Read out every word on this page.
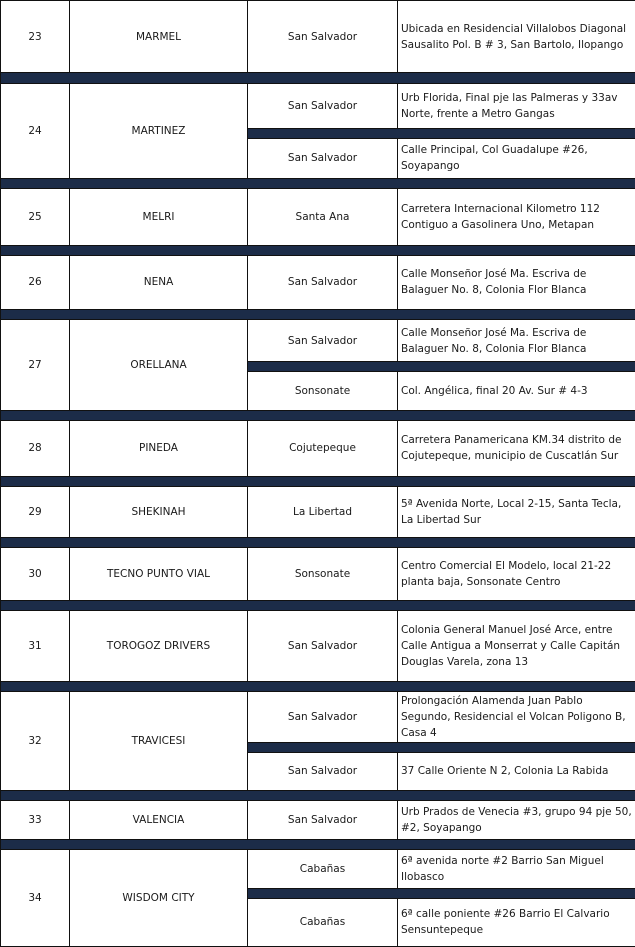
23	MARMEL	San Salvador	Ubicada en Residencial Villalobos Diagonal Sausalito Pol. B # 3, San Bartolo, Ilopango

24	MARTINEZ	San Salvador	Urb Florida, Final pje las Palmeras y 33av Norte, frente a Metro Gangas

		San Salvador	Calle Principal, Col Guadalupe #26, Soyapango

25	MELRI	Santa Ana	Carretera Internacional Kilometro 112 Contiguo a Gasolinera Uno, Metapan

26	NENA	San Salvador	Calle Monseñor José Ma. Escriva de Balaguer No. 8, Colonia Flor Blanca

27	ORELLANA	San Salvador	Calle Monseñor José Ma. Escriva de Balaguer No. 8, Colonia Flor Blanca

		Sonsonate	Col. Angélica, final 20 Av. Sur # 4-3

28	PINEDA	Cojutepeque	Carretera Panamericana KM.34 distrito de Cojutepeque, municipio de Cuscatlán Sur

29	SHEKINAH	La Libertad	5ª Avenida Norte, Local 2-15, Santa Tecla, La Libertad Sur

30	TECNO PUNTO VIAL	Sonsonate	Centro Comercial El Modelo, local 21-22 planta baja, Sonsonate Centro

31	TOROGOZ DRIVERS	San Salvador	Colonia General Manuel José Arce, entre Calle Antigua a Monserrat y Calle Capitán Douglas Varela, zona 13

32	TRAVICESI	San Salvador	Prolongación Alamenda Juan Pablo Segundo, Residencial el Volcan Poligono B, Casa 4

		San Salvador	37 Calle Oriente N 2, Colonia La Rabida

33	VALENCIA	San Salvador	Urb Prados de Venecia #3, grupo 94 pje 50, #2, Soyapango

34	WISDOM CITY	Cabañas	6ª avenida norte #2 Barrio San Miguel Ilobasco

		Cabañas	6ª calle poniente #26 Barrio El Calvario Sensuntepeque
